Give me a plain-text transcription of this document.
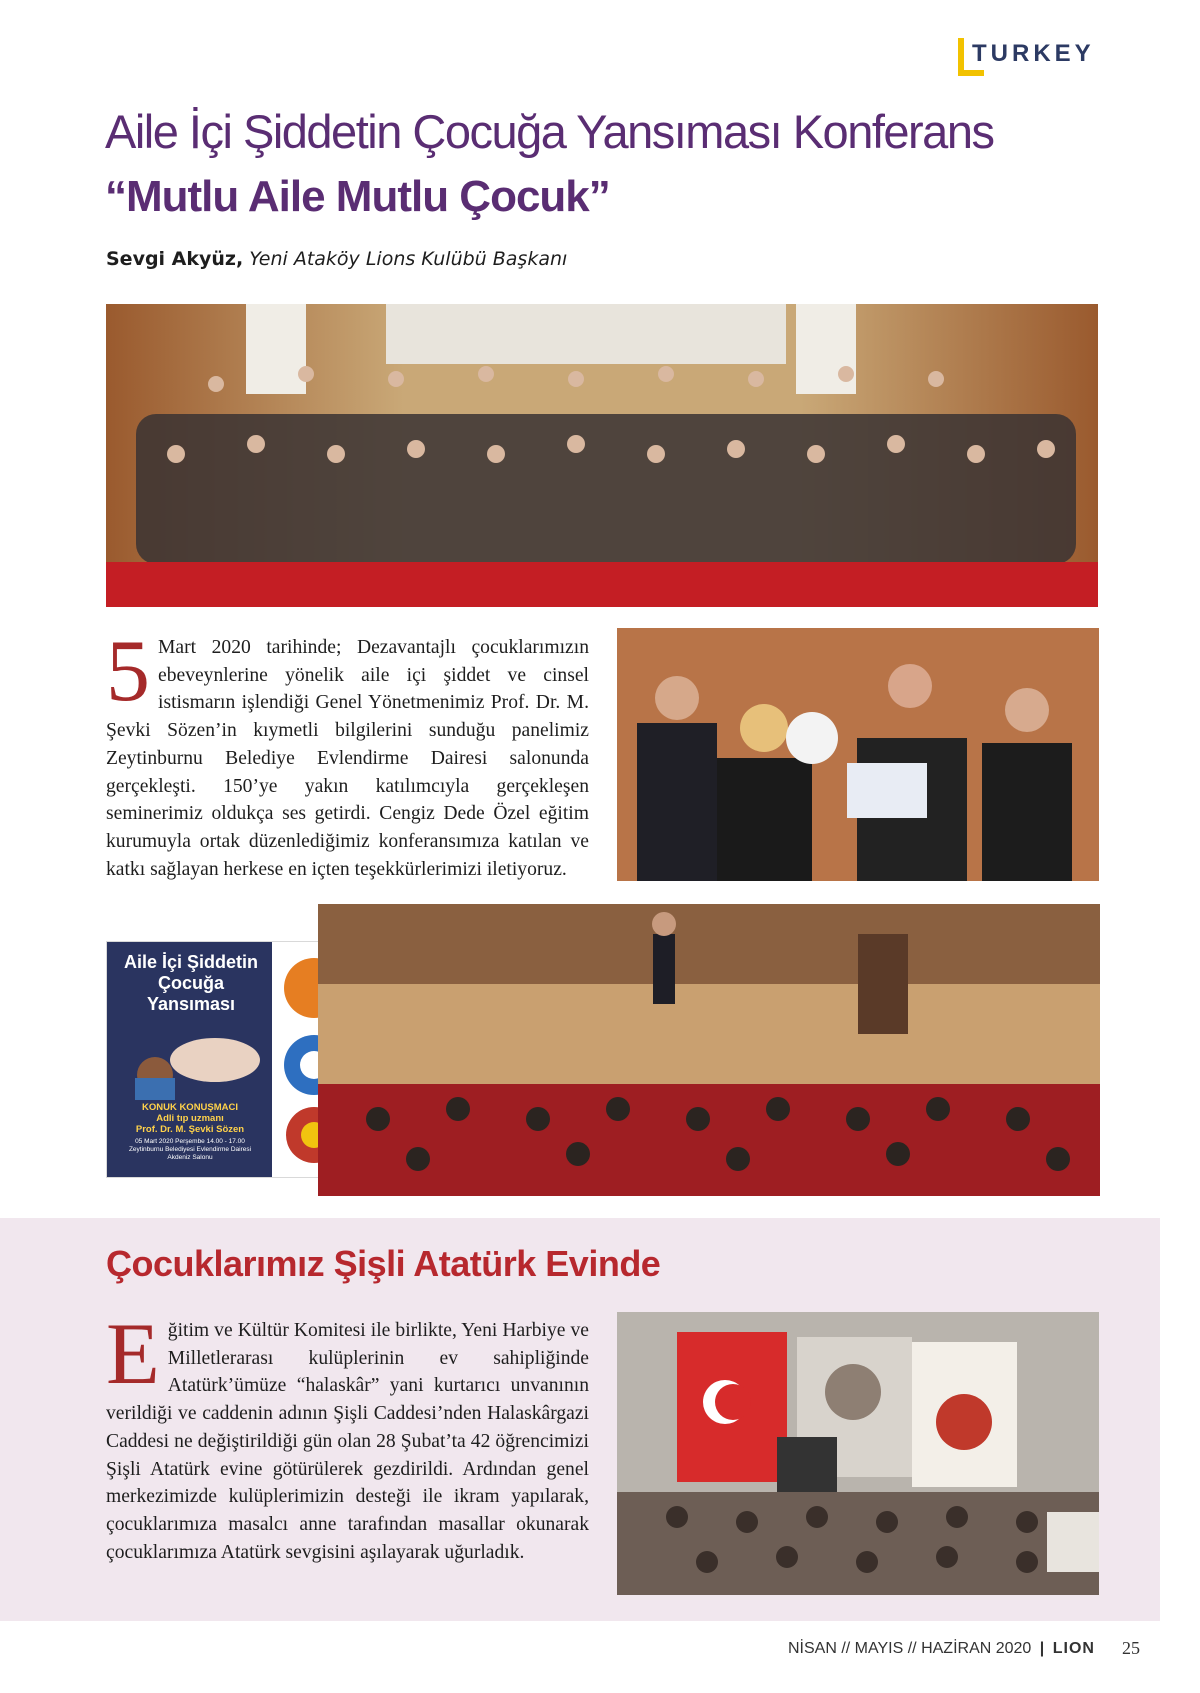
TURKEY
Aile İçi Şiddetin Çocuğa Yansıması Konferans
“Mutlu Aile Mutlu Çocuk”
Sevgi Akyüz, Yeni Ataköy Lions Kulübü Başkanı
5 Mart 2020 tarihinde; Dezavantajlı çocuklarımızın ebeveynlerine yönelik aile içi şiddet ve cinsel istismarın işlendiği Genel Yönetmenimiz Prof. Dr. M. Şevki Sözen’in kıymetli bilgilerini sunduğu panelimiz Zeytinburnu Belediye Evlendirme Dairesi salonunda gerçekleşti. 150’ye yakın katılımcıyla gerçekleşen seminerimiz oldukça ses getirdi. Cengiz Dede Özel eğitim kurumuyla ortak düzenlediğimiz konferansımıza katılan ve katkı sağlayan herkese en içten teşekkürlerimizi iletiyoruz.
Aile İçi Şiddetin
Çocuğa
Yansıması
KONUK KONUŞMACI
Adli tıp uzmanı
Prof. Dr. M. Şevki Sözen
05 Mart 2020 Perşembe 14.00 - 17.00
Zeytinburnu Belediyesi Evlendirme Dairesi
Akdeniz Salonu
Çocuklarımız Şişli Atatürk Evinde
E ğitim ve Kültür Komitesi ile birlikte, Yeni Harbiye ve Milletlerarası kulüplerinin ev sahipliğinde Atatürk’ümüze “halaskâr” yani kurtarıcı unvanının verildiği ve caddenin adının Şişli Caddesi’nden Halaskârgazi Caddesi ne değiştirildiği gün olan 28 Şubat’ta 42 öğrencimizi Şişli Atatürk evine götürülerek gezdirildi. Ardından genel merkezimizde kulüplerimizin desteği ile ikram yapılarak, çocuklarımıza masalcı anne tarafından masallar okunarak çocuklarımıza Atatürk sevgisini aşılayarak uğurladık.
NİSAN // MAYIS // HAZİRAN 2020 | LION 25
